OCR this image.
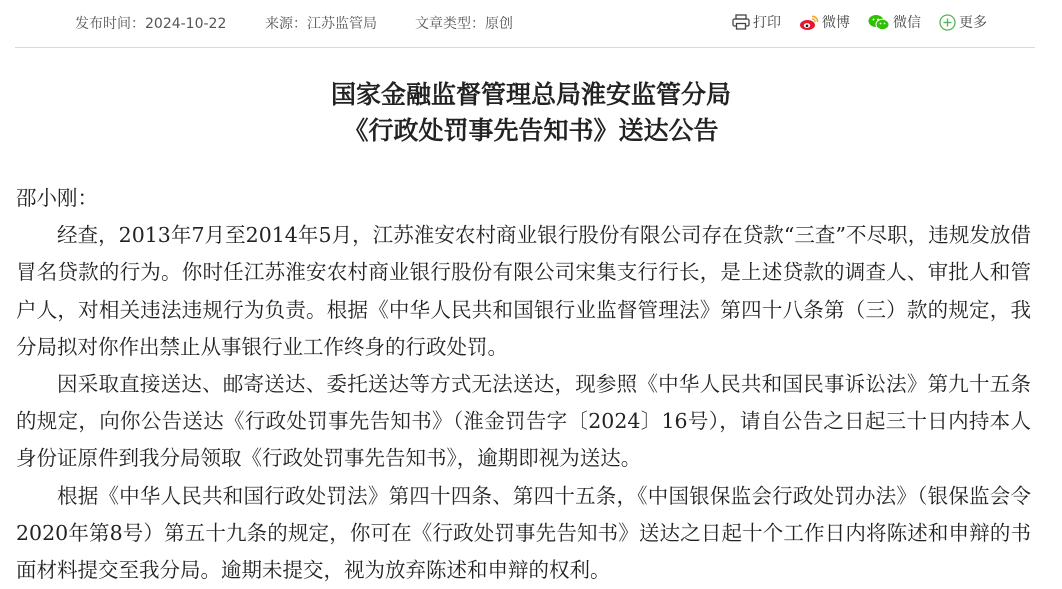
发布时间：2024-10-22	来源：江苏监管局	文章类型：原创	打印	微博	微信	更多
国家金融监督管理总局淮安监管分局
《行政处罚事先告知书》送达公告

邵小刚：

经查，2013年7月至2014年5月，江苏淮安农村商业银行股份有限公司存在贷款“三查”不尽职，违规发放借冒名贷款的行为。你时任江苏淮安农村商业银行股份有限公司宋集支行行长，是上述贷款的调查人、审批人和管户人，对相关违法违规行为负责。根据《中华人民共和国银行业监督管理法》第四十八条第（三）款的规定，我分局拟对你作出禁止从事银行业工作终身的行政处罚。

因采取直接送达、邮寄送达、委托送达等方式无法送达，现参照《中华人民共和国民事诉讼法》第九十五条的规定，向你公告送达《行政处罚事先告知书》（淮金罚告字〔2024〕16号），请自公告之日起三十日内持本人身份证原件到我分局领取《行政处罚事先告知书》，逾期即视为送达。

根据《中华人民共和国行政处罚法》第四十四条、第四十五条，《中国银保监会行政处罚办法》（银保监会令2020年第8号）第五十九条的规定，你可在《行政处罚事先告知书》送达之日起十个工作日内将陈述和申辩的书面材料提交至我分局。逾期未提交，视为放弃陈述和申辩的权利。
